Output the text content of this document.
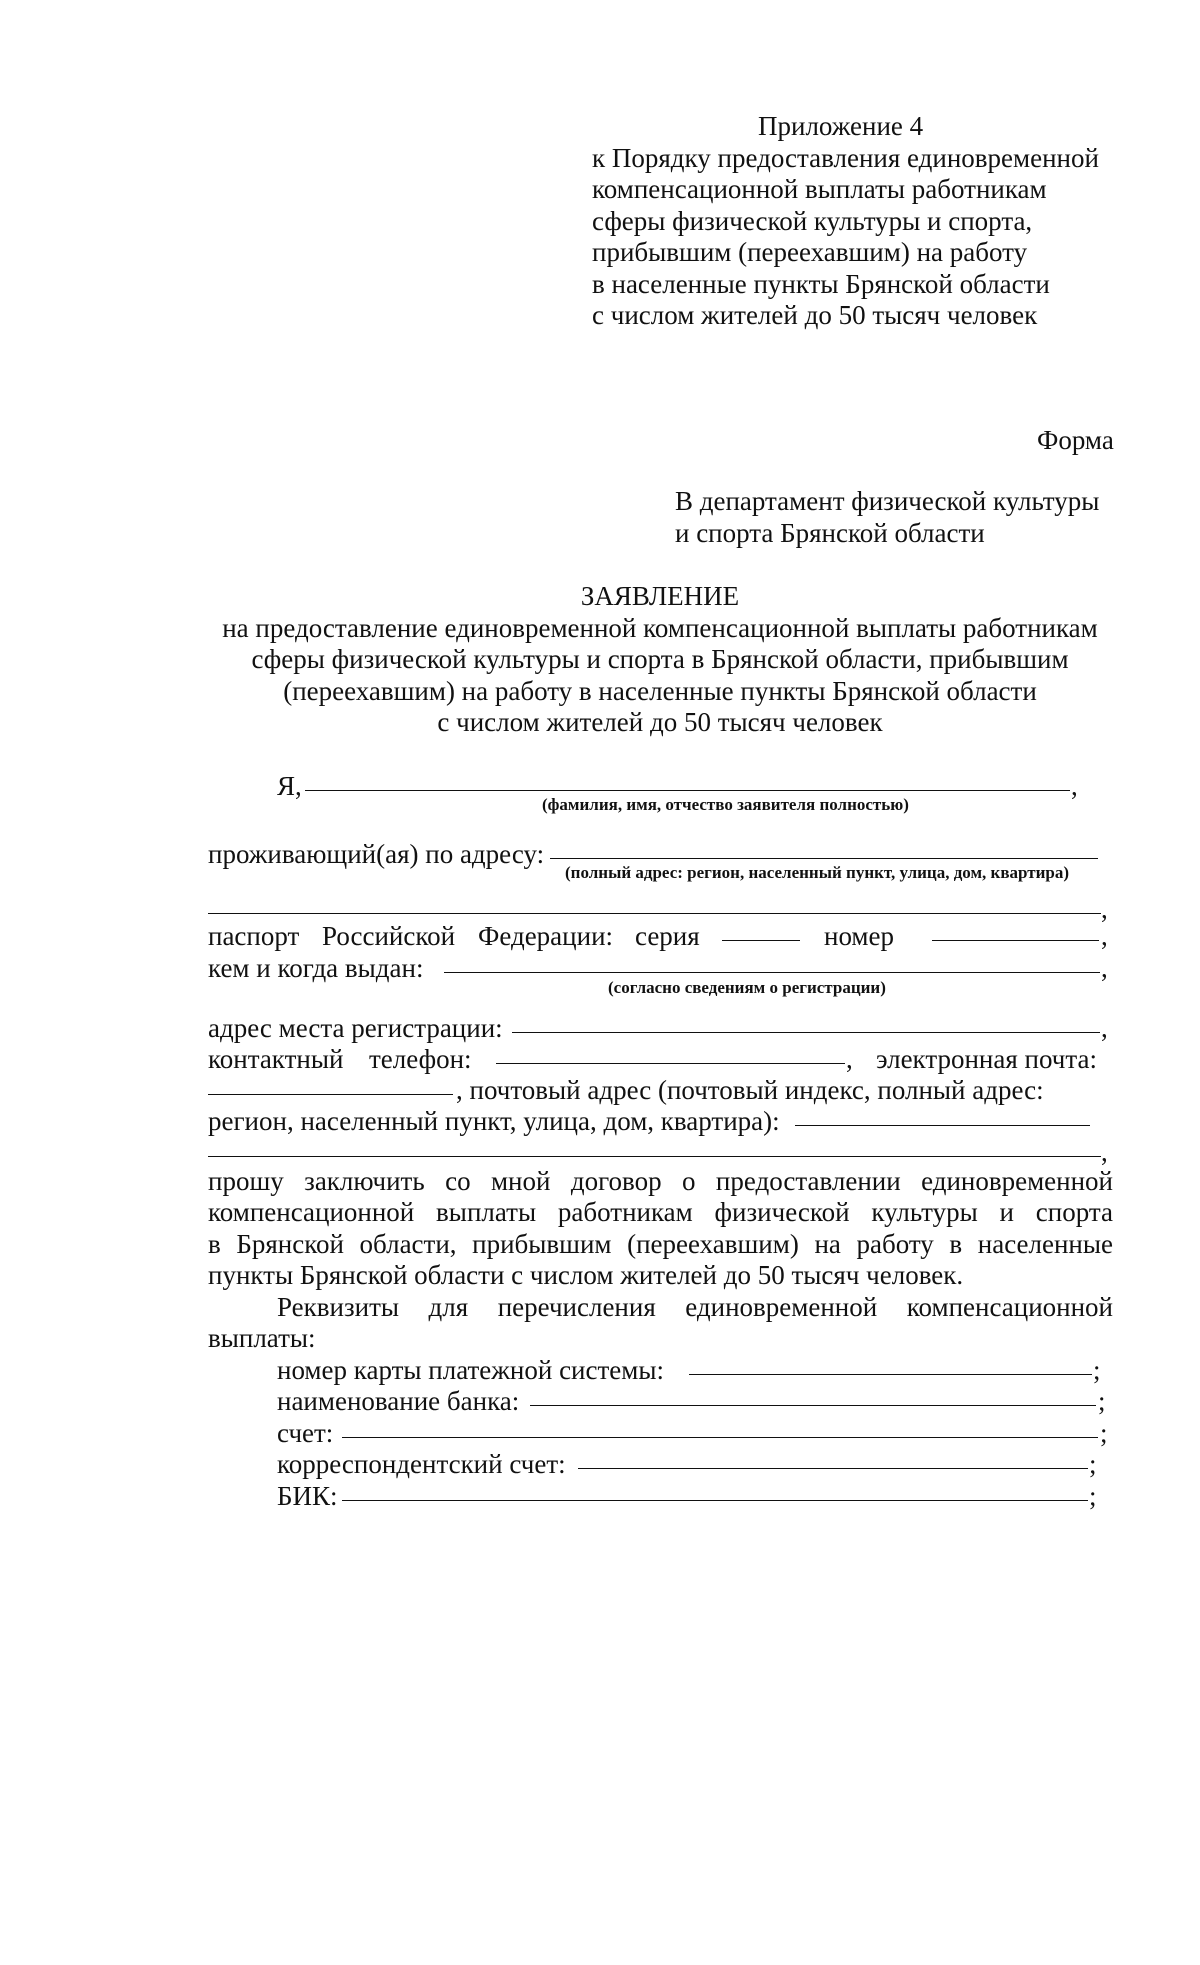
Приложение 4
к Порядку предоставления единовременной
компенсационной выплаты работникам
сферы физической культуры и спорта,
прибывшим (переехавшим) на работу
в населенные пункты Брянской области
с числом жителей до 50 тысяч человек
Форма
В департамент физической культуры
и спорта Брянской области
ЗАЯВЛЕНИЕ
на предоставление единовременной компенсационной выплаты работникам
сферы физической культуры и спорта в Брянской области, прибывшим
(переехавшим) на работу в населенные пункты Брянской области
с числом жителей до 50 тысяч человек
Я,	,
(фамилия, имя, отчество заявителя полностью)
проживающий(ая) по адресу:
(полный адрес: регион, населенный пункт, улица, дом, квартира)
,
паспорт Российской Федерации: серия	номер	,
кем и когда выдан:	,
(согласно сведениям о регистрации)
адрес места регистрации:	,
контактный телефон:	, электронная почта:
, почтовый адрес (почтовый индекс, полный адрес:
регион, населенный пункт, улица, дом, квартира):
,
прошу заключить со мной договор о предоставлении единовременной
компенсационной выплаты работникам физической культуры и спорта
в Брянской области, прибывшим (переехавшим) на работу в населенные
пункты Брянской области с числом жителей до 50 тысяч человек.
Реквизиты для перечисления единовременной компенсационной
выплаты:
номер карты платежной системы:	;
наименование банка:	;
счет:	;
корреспондентский счет:	;
БИК:	;
